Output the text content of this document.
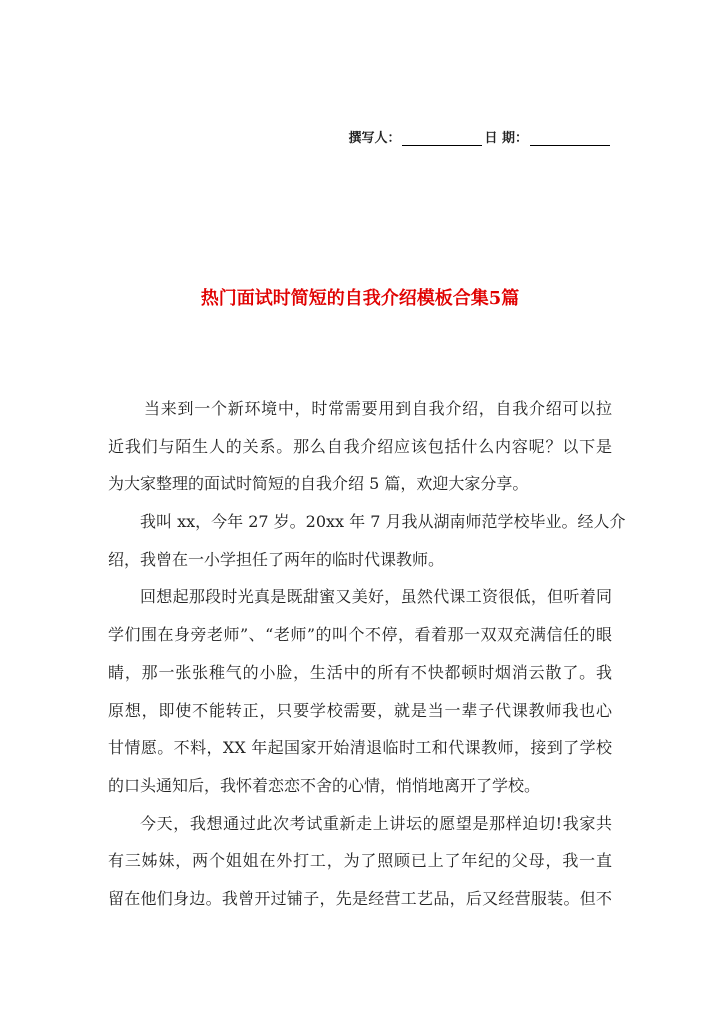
撰写人：	日 期：
热门面试时简短的自我介绍模板合集5篇
当来到一个新环境中，时常需要用到自我介绍，自我介绍可以拉
近我们与陌生人的关系。那么自我介绍应该包括什么内容呢？以下是
为大家整理的面试时简短的自我介绍 5 篇，欢迎大家分享。
我叫 xx，今年 27 岁。20xx 年 7 月我从湖南师范学校毕业。经人介
绍，我曾在一小学担任了两年的临时代课教师。
回想起那段时光真是既甜蜜又美好，虽然代课工资很低，但听着同
学们围在身旁老师”、“老师”的叫个不停，看着那一双双充满信任的眼
睛，那一张张稚气的小脸，生活中的所有不快都顿时烟消云散了。我
原想，即使不能转正，只要学校需要，就是当一辈子代课教师我也心
甘情愿。不料，XX 年起国家开始清退临时工和代课教师，接到了学校
的口头通知后，我怀着恋恋不舍的心情，悄悄地离开了学校。
今天，我想通过此次考试重新走上讲坛的愿望是那样迫切!我家共
有三姊妹，两个姐姐在外打工，为了照顾已上了年纪的父母，我一直
留在他们身边。我曾开过铺子，先是经营工艺品，后又经营服装。但不
